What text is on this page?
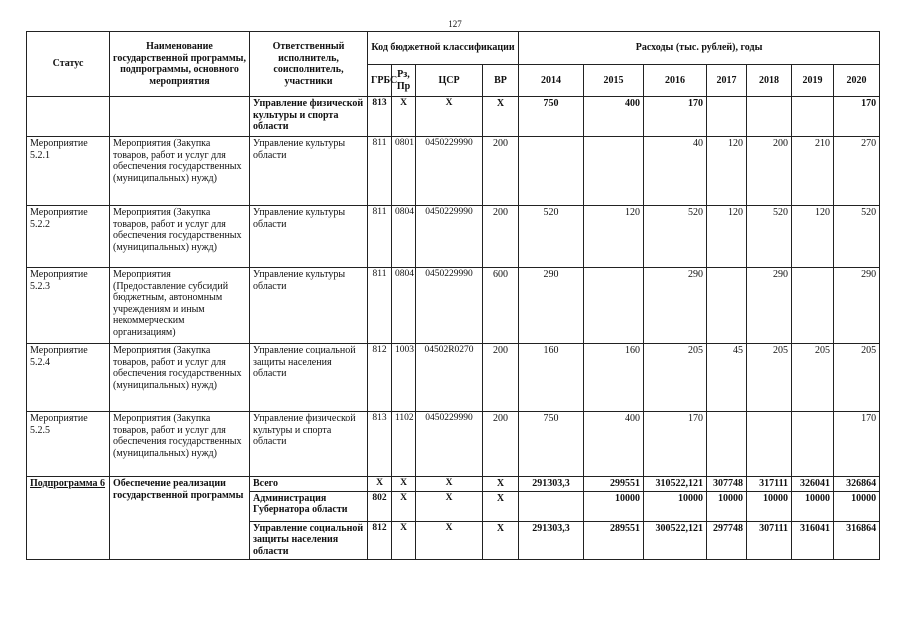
127
Статус	Наименование государственной программы, подпрограммы, основного мероприятия	Ответственный исполнитель, соисполнитель, участники	Код бюджетной классификации				Расходы (тыс. рублей), годы						
			ГРБС	Рз, Пр	ЦСР	ВР	2014	2015	2016	2017	2018	2019	2020
		Управление физической культуры и спорта области	813	X	X	X	750	400	170				170
Мероприятие 5.2.1	Мероприятия (Закупка товаров, работ и услуг для обеспечения государственных (муниципальных) нужд)	Управление культуры области	811	0801	0450229990	200			40	120	200	210	270
Мероприятие 5.2.2	Мероприятия (Закупка товаров, работ и услуг для обеспечения государственных (муниципальных) нужд)	Управление культуры области	811	0804	0450229990	200	520	120	520	120	520	120	520
Мероприятие 5.2.3	Мероприятия (Предоставление субсидий бюджетным, автономным учреждениям и иным некоммерческим организациям)	Управление культуры области	811	0804	0450229990	600	290		290		290		290
Мероприятие 5.2.4	Мероприятия (Закупка товаров, работ и услуг для обеспечения государственных (муниципальных) нужд)	Управление социальной защиты населения области	812	1003	04502R0270	200	160	160	205	45	205	205	205
Мероприятие 5.2.5	Мероприятия (Закупка товаров, работ и услуг для обеспечения государственных (муниципальных) нужд)	Управление физической культуры и спорта области	813	1102	0450229990	200	750	400	170				170
Подпрограмма 6	Обеспечение реализации государственной программы	Всего	X	X	X	X	291303,3	299551	310522,121	307748	317111	326041	326864
		Администрация Губернатора области	802	X	X	X		10000	10000	10000	10000	10000	10000
		Управление социальной защиты населения области	812	X	X	X	291303,3	289551	300522,121	297748	307111	316041	316864
